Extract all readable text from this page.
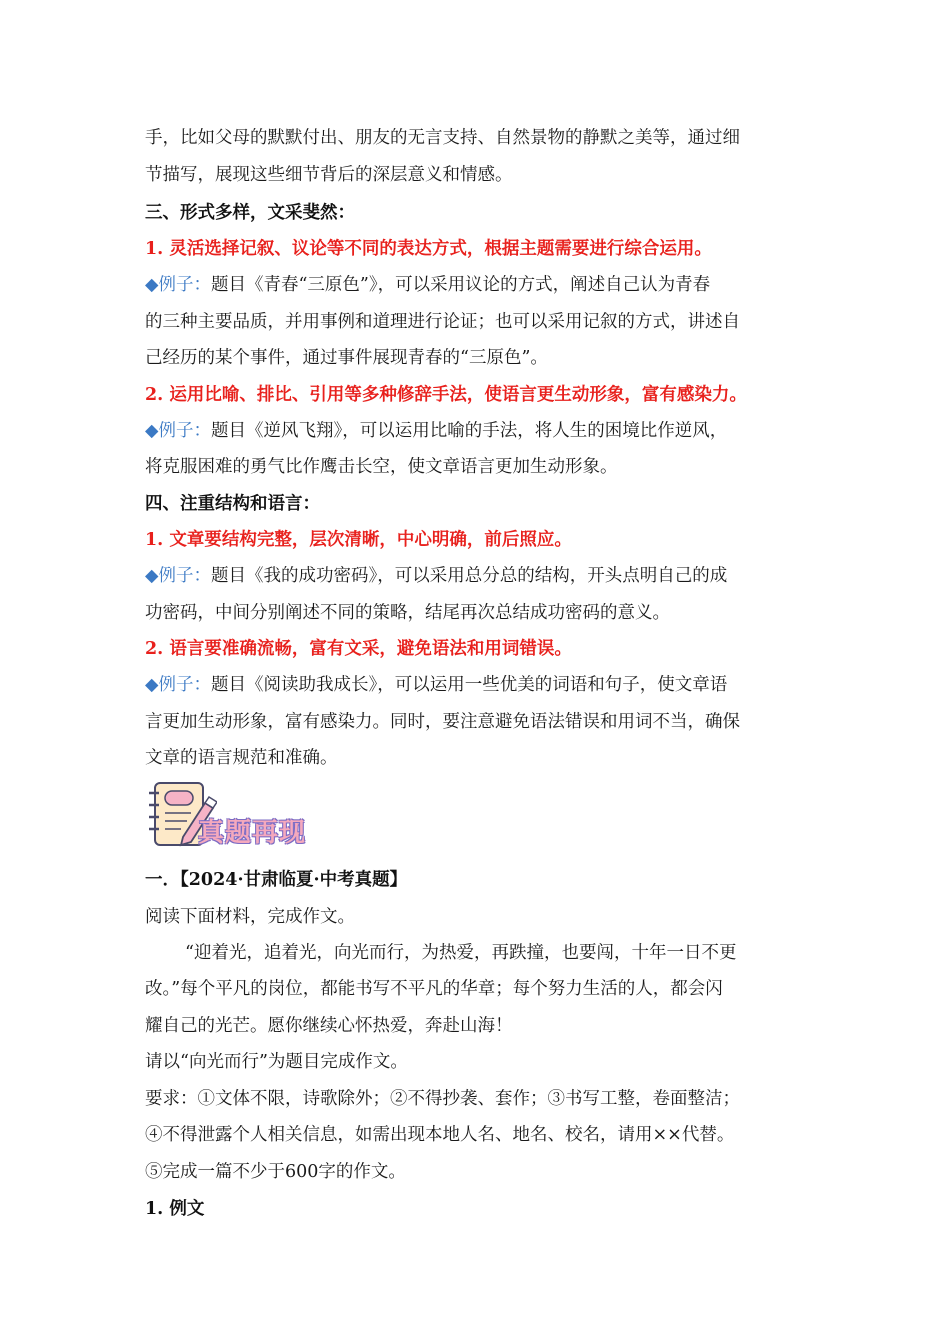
手，比如父母的默默付出、朋友的无言支持、自然景物的静默之美等，通过细
节描写，展现这些细节背后的深层意义和情感。
三、形式多样，文采斐然：
1. 灵活选择记叙、议论等不同的表达方式，根据主题需要进行综合运用。
◆例子：题目《青春“三原色”》，可以采用议论的方式，阐述自己认为青春
的三种主要品质，并用事例和道理进行论证；也可以采用记叙的方式，讲述自
己经历的某个事件，通过事件展现青春的“三原色”。
2. 运用比喻、排比、引用等多种修辞手法，使语言更生动形象，富有感染力。
◆例子：题目《逆风飞翔》，可以运用比喻的手法，将人生的困境比作逆风，
将克服困难的勇气比作鹰击长空，使文章语言更加生动形象。
四、注重结构和语言：
1. 文章要结构完整，层次清晰，中心明确，前后照应。
◆例子：题目《我的成功密码》，可以采用总分总的结构，开头点明自己的成
功密码，中间分别阐述不同的策略，结尾再次总结成功密码的意义。
2. 语言要准确流畅，富有文采，避免语法和用词错误。
◆例子：题目《阅读助我成长》，可以运用一些优美的词语和句子，使文章语
言更加生动形象，富有感染力。同时，要注意避免语法错误和用词不当，确保
文章的语言规范和准确。
真题再现
一．【2024·甘肃临夏·中考真题】
阅读下面材料，完成作文。
“迎着光，追着光，向光而行，为热爱，再跌撞，也要闯，十年一日不更
改。”每个平凡的岗位，都能书写不平凡的华章；每个努力生活的人，都会闪
耀自己的光芒。愿你继续心怀热爱，奔赴山海！
请以“向光而行”为题目完成作文。
要求：①文体不限，诗歌除外；②不得抄袭、套作；③书写工整，卷面整洁；
④不得泄露个人相关信息，如需出现本地人名、地名、校名，请用××代替。
⑤完成一篇不少于600字的作文。
1. 例文
